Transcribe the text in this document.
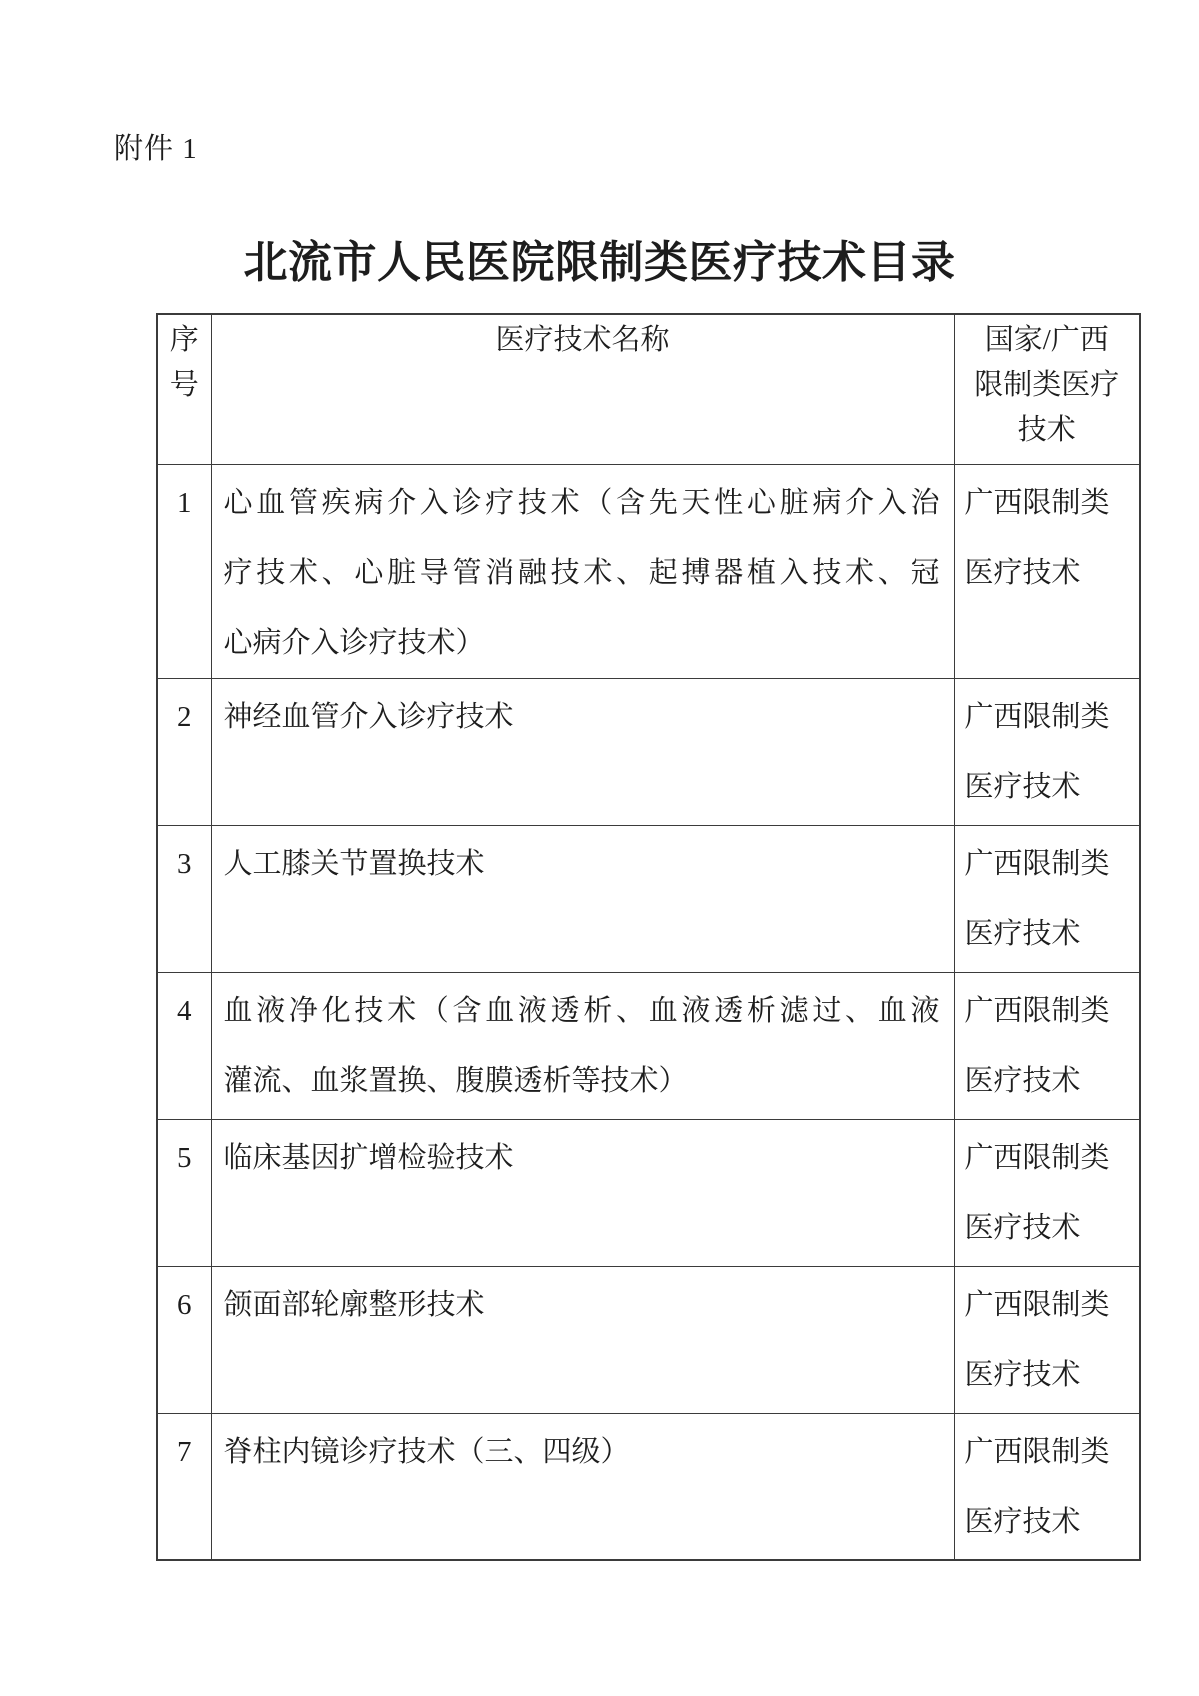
附件 1
北流市人民医院限制类医疗技术目录
序
号	医疗技术名称	国家/广西
限制类医疗
技术

1	心血管疾病介入诊疗技术（含先天性心脏病介入治
疗技术、心脏导管消融技术、起搏器植入技术、冠
心病介入诊疗技术）	广西限制类
医疗技术

2	神经血管介入诊疗技术	广西限制类
医疗技术

3	人工膝关节置换技术	广西限制类
医疗技术

4	血液净化技术（含血液透析、血液透析滤过、血液
灌流、血浆置换、腹膜透析等技术）	广西限制类
医疗技术

5	临床基因扩增检验技术	广西限制类
医疗技术

6	颌面部轮廓整形技术	广西限制类
医疗技术

7	脊柱内镜诊疗技术（三、四级）	广西限制类
医疗技术
